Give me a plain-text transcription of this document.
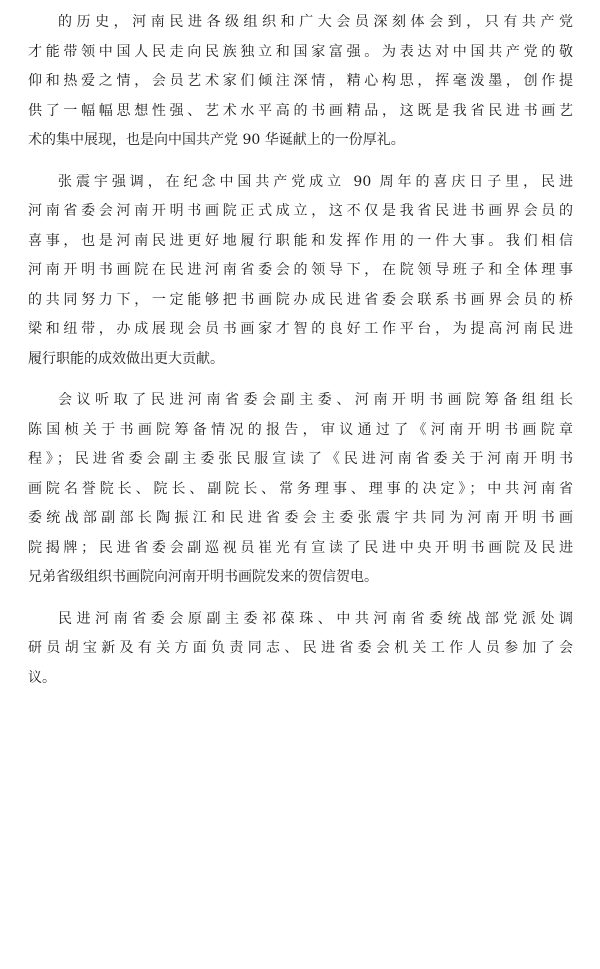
的历史，河南民进各级组织和广大会员深刻体会到，只有共产党
才能带领中国人民走向民族独立和国家富强。为表达对中国共产党的敬
仰和热爱之情，会员艺术家们倾注深情，精心构思，挥毫泼墨，创作提
供了一幅幅思想性强、艺术水平高的书画精品，这既是我省民进书画艺
术的集中展现，也是向中国共产党 90 华诞献上的一份厚礼。
张震宇强调，在纪念中国共产党成立 90 周年的喜庆日子里，民进
河南省委会河南开明书画院正式成立，这不仅是我省民进书画界会员的
喜事，也是河南民进更好地履行职能和发挥作用的一件大事。我们相信
河南开明书画院在民进河南省委会的领导下，在院领导班子和全体理事
的共同努力下，一定能够把书画院办成民进省委会联系书画界会员的桥
梁和纽带，办成展现会员书画家才智的良好工作平台，为提高河南民进
履行职能的成效做出更大贡献。
会议听取了民进河南省委会副主委、河南开明书画院筹备组组长
陈国桢关于书画院筹备情况的报告，审议通过了《河南开明书画院章
程》；民进省委会副主委张民服宣读了《民进河南省委关于河南开明书
画院名誉院长、院长、副院长、常务理事、理事的决定》；中共河南省
委统战部副部长陶振江和民进省委会主委张震宇共同为河南开明书画
院揭牌；民进省委会副巡视员崔光有宣读了民进中央开明书画院及民进
兄弟省级组织书画院向河南开明书画院发来的贺信贺电。
民进河南省委会原副主委祁葆珠、中共河南省委统战部党派处调
研员胡宝新及有关方面负责同志、民进省委会机关工作人员参加了会
议。
